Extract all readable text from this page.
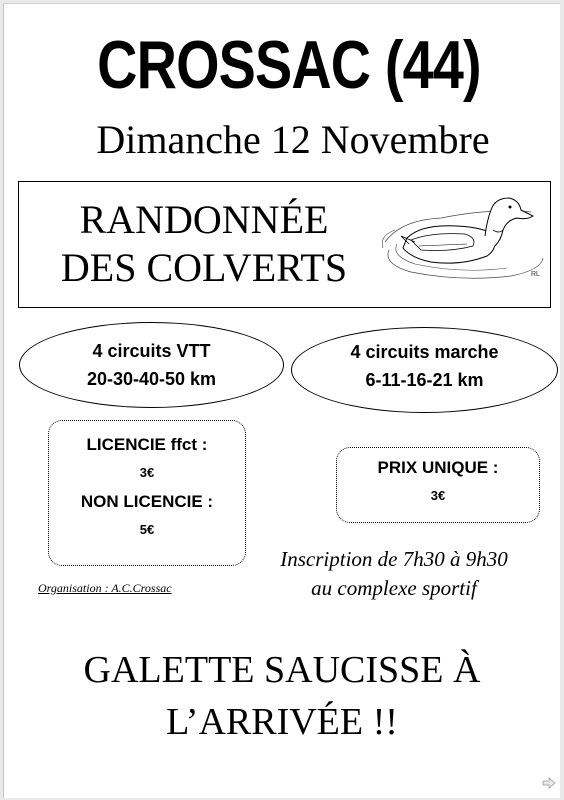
CROSSAC (44)
Dimanche 12 Novembre
RANDONNÉE
DES COLVERTS	RL
4 circuits VTT
20-30-40-50 km
4 circuits marche
6-11-16-21 km
LICENCIE ffct :
3€
NON LICENCIE :
5€
PRIX UNIQUE :
3€
Inscription de 7h30 à 9h30
au complexe sportif
Organisation : A.C.Crossac
GALETTE SAUCISSE À
L’ARRIVÉE !!
